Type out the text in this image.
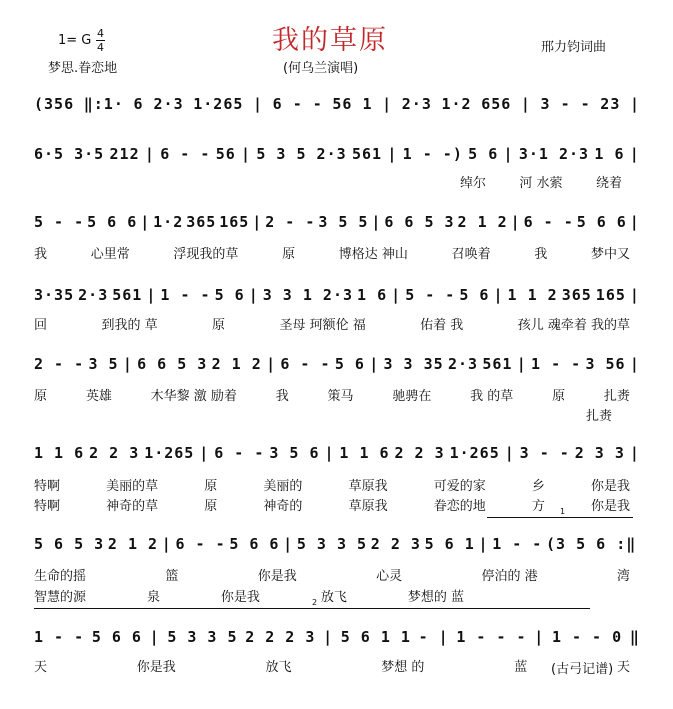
我的草原
1= G 4
4
梦思.眷恋地	(何乌兰演唱)
邢力钧词曲
(古弓记谱)
(356 ‖:1· 6 2·3 1·265 | 6 - - 56 1 | 2·3 1·2 656 | 3 - - 23 |
6·5 3·5 212 | 6 - - 56 | 5 3 5 2·3 561 | 1 - -) 5 6 | 3·1 2·3 1 6 |
绰尔	河 水萦	绕着
5 - - 5 6 6 | 1·2 365 165 | 2 - - 3 5 5 | 6 6 5 3 2 1 2 | 6 - - 5 6 6 |
我	心里常	浮现我的草	原	博格达 神山	召唤着	我	梦中又
3·35 2·3 561 | 1 - - 5 6 | 3 3 1 2·3 1 6 | 5 - - 5 6 | 1 1 2 365 165 |
回	到我的 草	原	圣母 珂额伦 福	佑着 我	孩儿 魂牵着 我的草
2 - - 3 5 | 6 6 5 3 2 1 2 | 6 - - 5 6 | 3 3 35 2·3 561 | 1 - - 3 56 |
原	英雄	木华黎 激 励着	我	策马	驰骋在	我 的草	原	扎赉
1 1 6 2 2 3 1·265 | 6 - - 3 5 6 | 1 1 6 2 2 3 1·265 | 3 - - 2 3 3 |
特啊	美丽的草	原	美丽的	草原我	可爱的家	乡	你是我
5 6 5 3 2 1 2 | 6 - - 5 6 6 | 5 3 3 5 2 2 3 5 6 1 | 1 - - (3 5 6 :‖
生命的摇	篮	你是我	心灵	停泊的 港	湾
1 - - 5 6 6 | 5 3 3 5 2 2 2 3 | 5 6 1 1 - | 1 - - - | 1 - - 0 ‖
天	你是我	放飞	梦想 的	蓝	天
扎赉
特啊	神奇的草	原	神奇的	草原我	眷恋的地	方	你是我
智慧的源	泉	你是我	放飞	梦想的 蓝
1
2
